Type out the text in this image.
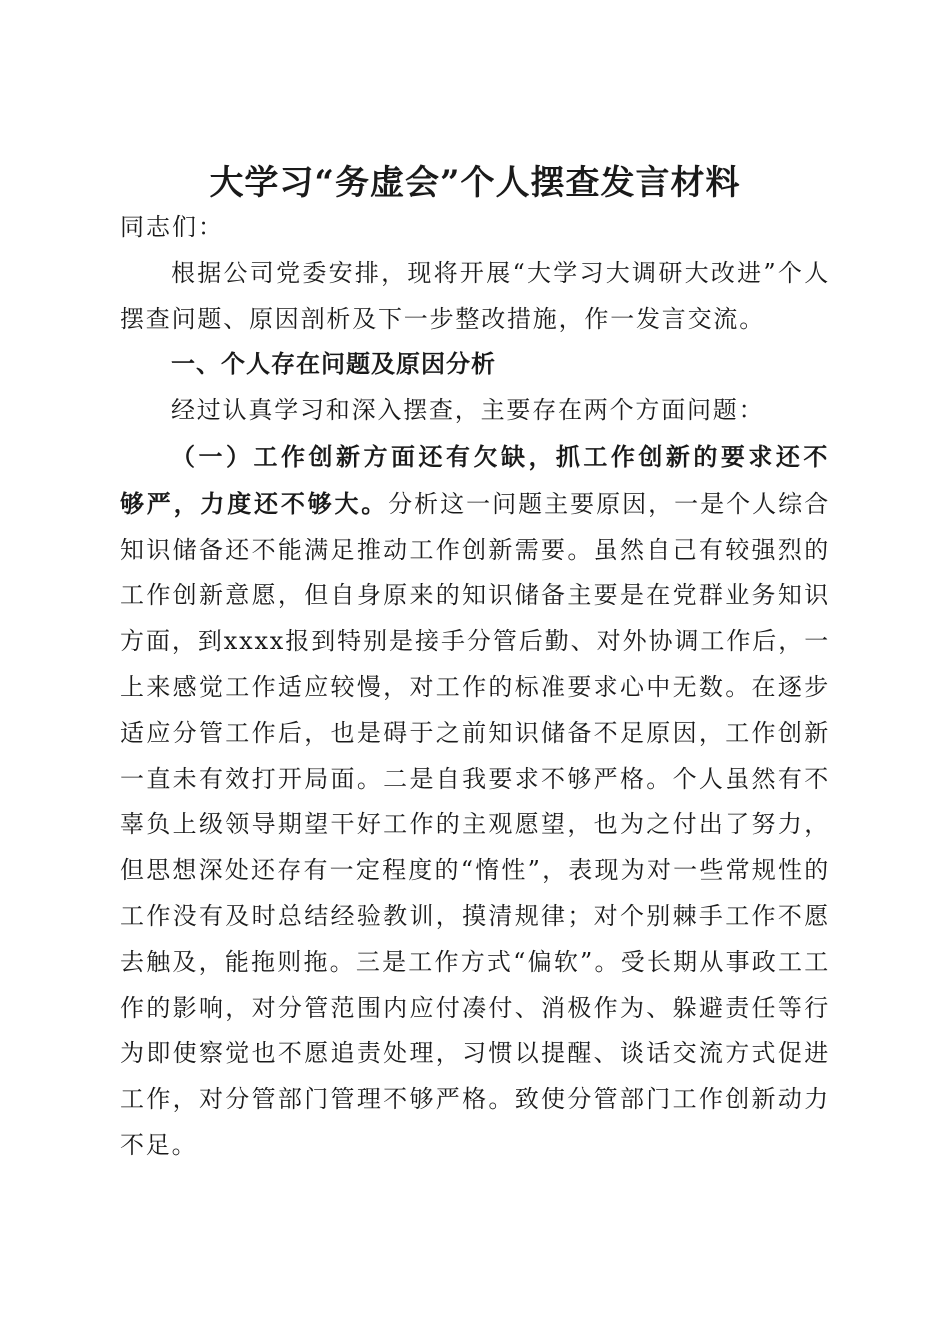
大学习“务虚会”个人摆查发言材料

同志们：

根据公司党委安排，现将开展“大学习大调研大改进”个人摆查问题、原因剖析及下一步整改措施，作一发言交流。

一、个人存在问题及原因分析

经过认真学习和深入摆查，主要存在两个方面问题：

（一）工作创新方面还有欠缺，抓工作创新的要求还不够严，力度还不够大。分析这一问题主要原因，一是个人综合知识储备还不能满足推动工作创新需要。虽然自己有较强烈的工作创新意愿，但自身原来的知识储备主要是在党群业务知识方面，到xxxx报到特别是接手分管后勤、对外协调工作后，一上来感觉工作适应较慢，对工作的标准要求心中无数。在逐步适应分管工作后，也是碍于之前知识储备不足原因，工作创新一直未有效打开局面。二是自我要求不够严格。个人虽然有不辜负上级领导期望干好工作的主观愿望，也为之付出了努力，但思想深处还存有一定程度的“惰性”，表现为对一些常规性的工作没有及时总结经验教训，摸清规律；对个别棘手工作不愿去触及，能拖则拖。三是工作方式“偏软”。受长期从事政工工作的影响，对分管范围内应付凑付、消极作为、躲避责任等行为即使察觉也不愿追责处理，习惯以提醒、谈话交流方式促进工作，对分管部门管理不够严格。致使分管部门工作创新动力不足。
